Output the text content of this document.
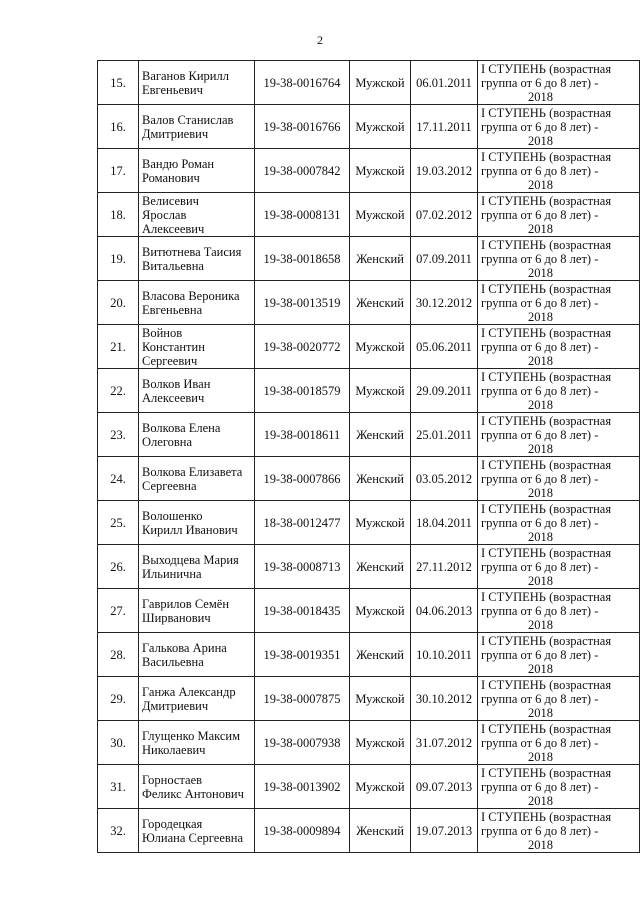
2
15.	Ваганов Кирилл
Евгеньевич	19-38-0016764	Мужской	06.01.2011	I СТУПЕНЬ (возрастная
группа от 6 до 8 лет) -
2018

16.	Валов Станислав
Дмитриевич	19-38-0016766	Мужской	17.11.2011	I СТУПЕНЬ (возрастная
группа от 6 до 8 лет) -
2018

17.	Вандю Роман
Романович	19-38-0007842	Мужской	19.03.2012	I СТУПЕНЬ (возрастная
группа от 6 до 8 лет) -
2018

18.	Велисевич
Ярослав
Алексеевич	19-38-0008131	Мужской	07.02.2012	I СТУПЕНЬ (возрастная
группа от 6 до 8 лет) -
2018

19.	Витютнева Таисия
Витальевна	19-38-0018658	Женский	07.09.2011	I СТУПЕНЬ (возрастная
группа от 6 до 8 лет) -
2018

20.	Власова Вероника
Евгеньевна	19-38-0013519	Женский	30.12.2012	I СТУПЕНЬ (возрастная
группа от 6 до 8 лет) -
2018

21.	Войнов
Константин
Сергеевич	19-38-0020772	Мужской	05.06.2011	I СТУПЕНЬ (возрастная
группа от 6 до 8 лет) -
2018

22.	Волков Иван
Алексеевич	19-38-0018579	Мужской	29.09.2011	I СТУПЕНЬ (возрастная
группа от 6 до 8 лет) -
2018

23.	Волкова Елена
Олеговна	19-38-0018611	Женский	25.01.2011	I СТУПЕНЬ (возрастная
группа от 6 до 8 лет) -
2018

24.	Волкова Елизавета
Сергеевна	19-38-0007866	Женский	03.05.2012	I СТУПЕНЬ (возрастная
группа от 6 до 8 лет) -
2018

25.	Волошенко
Кирилл Иванович	18-38-0012477	Мужской	18.04.2011	I СТУПЕНЬ (возрастная
группа от 6 до 8 лет) -
2018

26.	Выходцева Мария
Ильинична	19-38-0008713	Женский	27.11.2012	I СТУПЕНЬ (возрастная
группа от 6 до 8 лет) -
2018

27.	Гаврилов Семён
Ширванович	19-38-0018435	Мужской	04.06.2013	I СТУПЕНЬ (возрастная
группа от 6 до 8 лет) -
2018

28.	Галькова Арина
Васильевна	19-38-0019351	Женский	10.10.2011	I СТУПЕНЬ (возрастная
группа от 6 до 8 лет) -
2018

29.	Ганжа Александр
Дмитриевич	19-38-0007875	Мужской	30.10.2012	I СТУПЕНЬ (возрастная
группа от 6 до 8 лет) -
2018

30.	Глущенко Максим
Николаевич	19-38-0007938	Мужской	31.07.2012	I СТУПЕНЬ (возрастная
группа от 6 до 8 лет) -
2018

31.	Горностаев
Феликс Антонович	19-38-0013902	Мужской	09.07.2013	I СТУПЕНЬ (возрастная
группа от 6 до 8 лет) -
2018

32.	Городецкая
Юлиана Сергеевна	19-38-0009894	Женский	19.07.2013	I СТУПЕНЬ (возрастная
группа от 6 до 8 лет) -
2018
